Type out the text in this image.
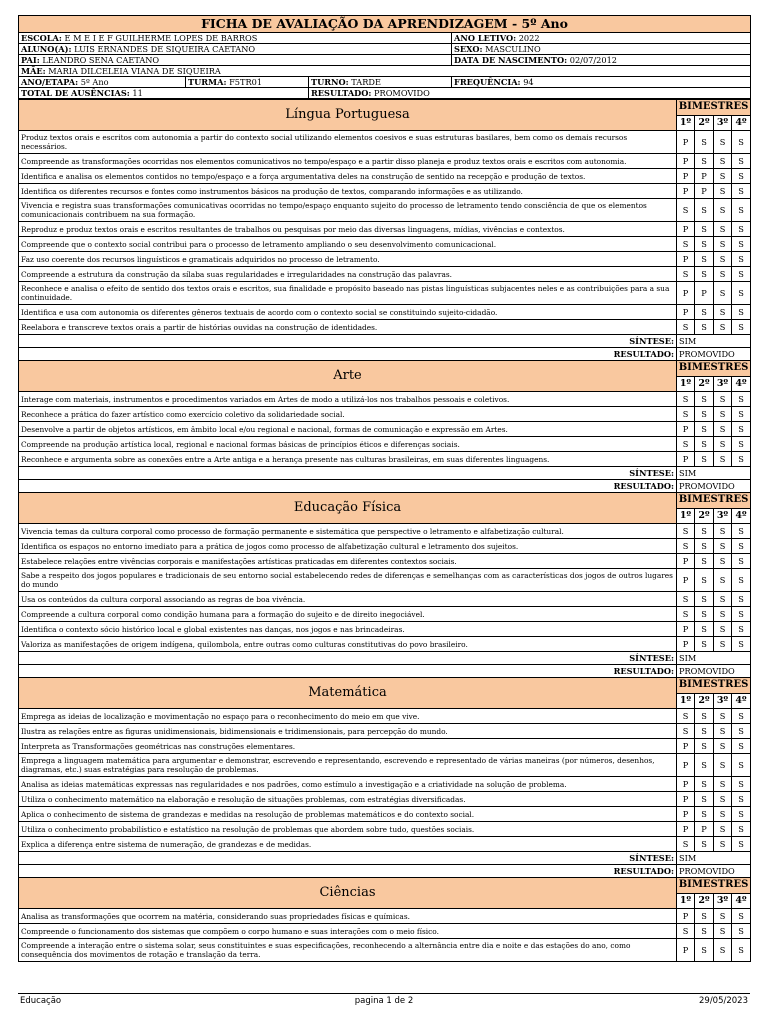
FICHA DE AVALIAÇÃO DA APRENDIZAGEM - 5º Ano			
ESCOLA: E M E I E F GUILHERME LOPES DE BARROS			ANO LETIVO: 2022
ALUNO(A): LUIS ERNANDES DE SIQUEIRA CAETANO			SEXO: MASCULINO
PAI: LEANDRO SENA CAETANO			DATA DE NASCIMENTO: 02/07/2012
MÃE: MARIA DILCELEIA VIANA DE SIQUEIRA			
ANO/ETAPA: 5º Ano	TURMA: F5TR01	TURNO: TARDE	FREQUÊNCIA: 94
TOTAL DE AUSÊNCIAS: 11		RESULTADO: PROMOVIDO	
Língua Portuguesa	BIMESTRES			
	1º	2º	3º	4º
Produz textos orais e escritos com autonomia a partir do contexto social utilizando elementos coesivos e suas estruturas basilares, bem como os demais recursos necessários.	P	S	S	S
Compreende as transformações ocorridas nos elementos comunicativos no tempo/espaço e a partir disso planeja e produz textos orais e escritos com autonomia.	P	S	S	S
Identifica e analisa os elementos contidos no tempo/espaço e a força argumentativa deles na construção de sentido na recepção e produção de textos.	P	P	S	S
Identifica os diferentes recursos e fontes como instrumentos básicos na produção de textos, comparando informações e as utilizando.	P	P	S	S
Vivencia e registra suas transformações comunicativas ocorridas no tempo/espaço enquanto sujeito do processo de letramento tendo consciência de que os elementos comunicacionais contribuem na sua formação.	S	S	S	S
Reproduz e produz textos orais e escritos resultantes de trabalhos ou pesquisas por meio das diversas linguagens, mídias, vivências e contextos.	P	S	S	S
Compreende que o contexto social contribui para o processo de letramento ampliando o seu desenvolvimento comunicacional.	S	S	S	S
Faz uso coerente dos recursos linguísticos e gramaticais adquiridos no processo de letramento.	P	S	S	S
Compreende a estrutura da construção da sílaba suas regularidades e irregularidades na construção das palavras.	S	S	S	S
Reconhece e analisa o efeito de sentido dos textos orais e escritos, sua finalidade e propósito baseado nas pistas linguísticas subjacentes neles e as contribuições para a sua continuidade.	P	P	S	S
Identifica e usa com autonomia os diferentes gêneros textuais de acordo com o contexto social se constituindo sujeito-cidadão.	P	S	S	S
Reelabora e transcreve textos orais a partir de histórias ouvidas na construção de identidades.	S	S	S	S
SÍNTESE:	SIM			
RESULTADO:	PROMOVIDO			
Arte	BIMESTRES			
	1º	2º	3º	4º
Interage com materiais, instrumentos e procedimentos variados em Artes de modo a utilizá-los nos trabalhos pessoais e coletivos.	S	S	S	S
Reconhece a prática do fazer artístico como exercício coletivo da solidariedade social.	S	S	S	S
Desenvolve a partir de objetos artísticos, em âmbito local e/ou regional e nacional, formas de comunicação e expressão em Artes.	P	S	S	S
Compreende na produção artística local, regional e nacional formas básicas de princípios éticos e diferenças sociais.	S	S	S	S
Reconhece e argumenta sobre as conexões entre a Arte antiga e a herança presente nas culturas brasileiras, em suas diferentes linguagens.	P	S	S	S
SÍNTESE:	SIM			
RESULTADO:	PROMOVIDO			
Educação Física	BIMESTRES			
	1º	2º	3º	4º
Vivencia temas da cultura corporal como processo de formação permanente e sistemática que perspective o letramento e alfabetização cultural.	S	S	S	S
Identifica os espaços no entorno imediato para a prática de jogos como processo de alfabetização cultural e letramento dos sujeitos.	S	S	S	S
Estabelece relações entre vivências corporais e manifestações artísticas praticadas em diferentes contextos sociais.	P	S	S	S
Sabe a respeito dos jogos populares e tradicionais de seu entorno social estabelecendo redes de diferenças e semelhanças com as características dos jogos de outros lugares do mundo	P	S	S	S
Usa os conteúdos da cultura corporal associando as regras de boa vivência.	S	S	S	S
Compreende a cultura corporal como condição humana para a formação do sujeito e de direito inegociável.	S	S	S	S
Identifica o contexto sócio histórico local e global existentes nas danças, nos jogos e nas brincadeiras.	P	S	S	S
Valoriza as manifestações de origem indígena, quilombola, entre outras como culturas constitutivas do povo brasileiro.	P	S	S	S
SÍNTESE:	SIM			
RESULTADO:	PROMOVIDO			
Matemática	BIMESTRES			
	1º	2º	3º	4º
Emprega as ideias de localização e movimentação no espaço para o reconhecimento do meio em que vive.	S	S	S	S
Ilustra as relações entre as figuras unidimensionais, bidimensionais e tridimensionais, para percepção do mundo.	S	S	S	S
Interpreta as Transformações geométricas nas construções elementares.	P	S	S	S
Emprega a linguagem matemática para argumentar e demonstrar, escrevendo e representando, escrevendo e representado de várias maneiras (por números, desenhos, diagramas, etc.) suas estratégias para resolução de problemas.	P	S	S	S
Analisa as ideias matemáticas expressas nas regularidades e nos padrões, como estímulo a investigação e a criatividade na solução de problema.	P	S	S	S
Utiliza o conhecimento matemático na elaboração e resolução de situações problemas, com estratégias diversificadas.	P	S	S	S
Aplica o conhecimento de sistema de grandezas e medidas na resolução de problemas matemáticos e do contexto social.	P	S	S	S
Utiliza o conhecimento probabilístico e estatístico na resolução de problemas que abordem sobre tudo, questões sociais.	P	P	S	S
Explica a diferença entre sistema de numeração, de grandezas e de medidas.	S	S	S	S
SÍNTESE:	SIM			
RESULTADO:	PROMOVIDO			
Ciências	BIMESTRES			
	1º	2º	3º	4º
Analisa as transformações que ocorrem na matéria, considerando suas propriedades físicas e químicas.	P	S	S	S
Compreende o funcionamento dos sistemas que compõem o corpo humano e suas interações com o meio físico.	S	S	S	S
Compreende a interação entre o sistema solar, seus constituintes e suas especificações, reconhecendo a alternância entre dia e noite e das estações do ano, como consequência dos movimentos de rotação e translação da terra.	P	S	S	S
Educação	pagina 1 de 2	29/05/2023
